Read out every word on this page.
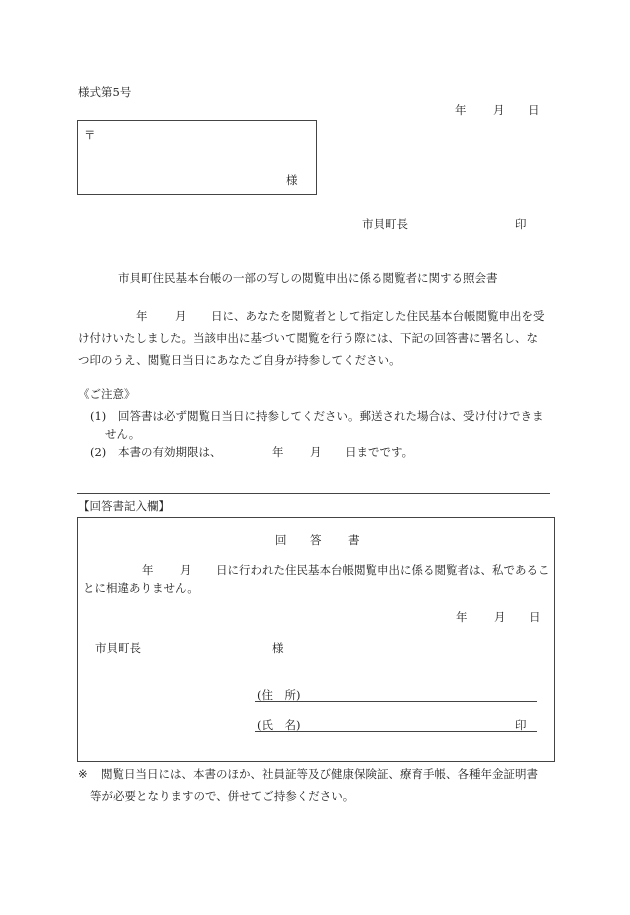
様式第5号
年 月 日
〒
様
市貝町長	印
市貝町住民基本台帳の一部の写しの閲覧申出に係る閲覧者に関する照会書
年 月 日に、あなたを閲覧者として指定した住民基本台帳閲覧申出を受
け付けいたしました。当該申出に基づいて閲覧を行う際には、下記の回答書に署名し、な
つ印のうえ、閲覧日当日にあなたご自身が持参してください。
《ご注意》
(1) 回答書は必ず閲覧日当日に持参してください。郵送された場合は、受け付けできま
せん。
(2) 本書の有効期限は、	年 月 日までです。
【回答書記入欄】
回 答 書
年 月 日に行われた住民基本台帳閲覧申出に係る閲覧者は、私であるこ
とに相違ありません。
年 月 日
市貝町長	様
(住　所)
(氏　名)	印
※ 閲覧日当日には、本書のほか、社員証等及び健康保険証、療育手帳、各種年金証明書
等が必要となりますので、併せてご持参ください。
